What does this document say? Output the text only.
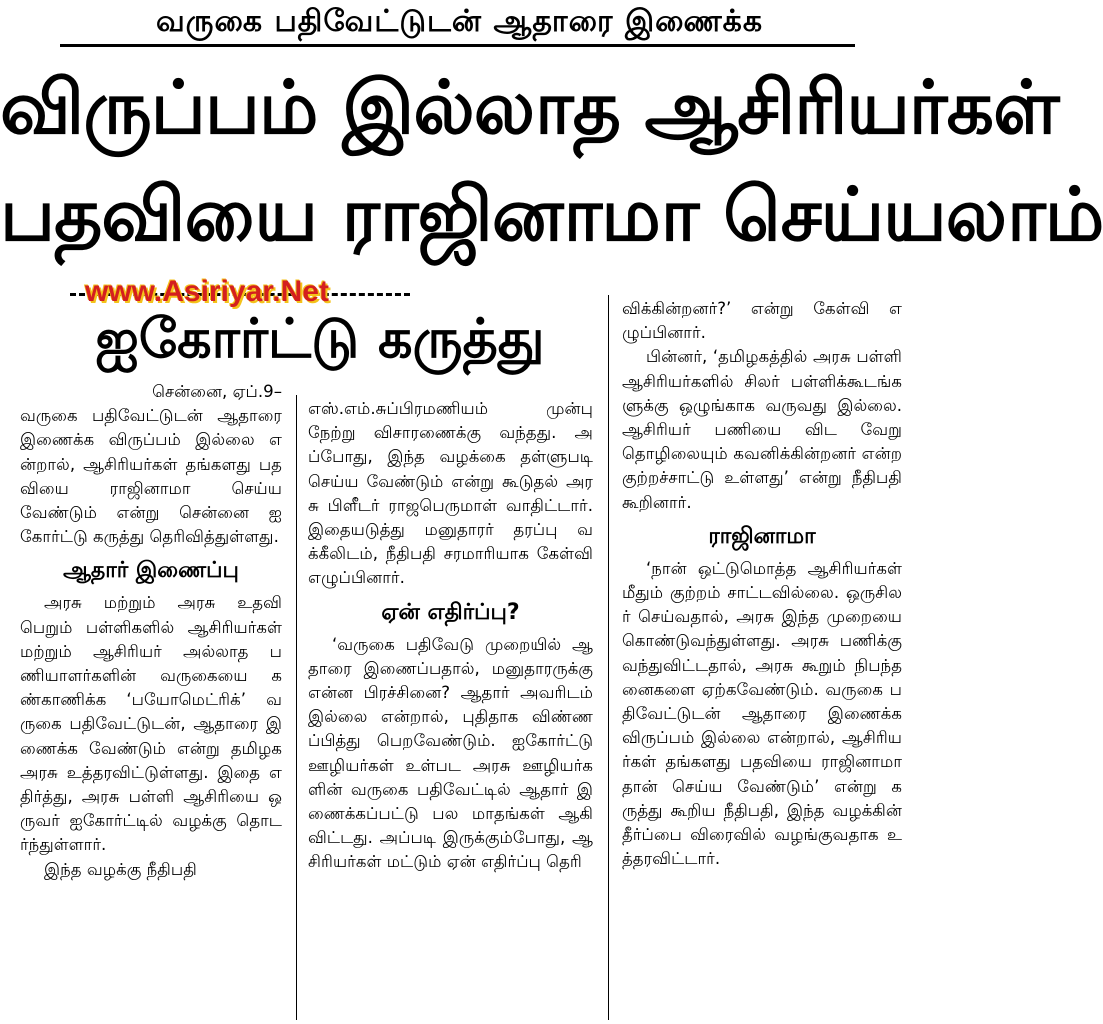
வருகை பதிவேட்டுடன் ஆதாரை இணைக்க
விருப்பம் இல்லாத ஆசிரியர்கள்
பதவியை ராஜினாமா செய்யலாம்
www.Asiriyar.Net
ஐகோர்ட்டு கருத்து

சென்னை, ஏப்.9–

வருகை பதிவேட்டுடன் ஆதாரை இணைக்க விருப்பம் இல்லை என்றால், ஆசிரியர்கள் தங்களது பதவியை ராஜினாமா செய்ய வேண்டும் என்று சென்னை ஐகோர்ட்டு கருத்து தெரிவித்துள்ளது.

ஆதார் இணைப்பு

அரசு மற்றும் அரசு உதவி பெறும் பள்ளிகளில் ஆசிரியர்கள் மற்றும் ஆசிரியர் அல்லாத பணியாளர்களின் வருகையை கண்காணிக்க ‘பயோமெட்ரிக்’ வருகை பதிவேட்டுடன், ஆதாரை இணைக்க வேண்டும் என்று தமிழக அரசு உத்தரவிட்டுள்ளது. இதை எதிர்த்து, அரசு பள்ளி ஆசிரியை ஒருவர் ஐகோர்ட்டில் வழக்கு தொடர்ந்துள்ளார்.

இந்த வழக்கு நீதிபதி

எஸ்.எம்.சுப்பிரமணியம் முன்பு நேற்று விசாரணைக்கு வந்தது. அப்போது, இந்த வழக்கை தள்ளுபடி செய்ய வேண்டும் என்று கூடுதல் அரசு பிளீடர் ராஜபெருமாள் வாதிட்டார். இதையடுத்து மனுதாரர் தரப்பு வக்கீலிடம், நீதிபதி சரமாரியாக கேள்வி எழுப்பினார்.

ஏன் எதிர்ப்பு?

‘வருகை பதிவேடு முறையில் ஆதாரை இணைப்பதால், மனுதாரருக்கு என்ன பிரச்சினை? ஆதார் அவரிடம் இல்லை என்றால், புதிதாக விண்ணப்பித்து பெறவேண்டும். ஐகோர்ட்டு ஊழியர்கள் உள்பட அரசு ஊழியர்களின் வருகை பதிவேட்டில் ஆதார் இணைக்கப்பட்டு பல மாதங்கள் ஆகி விட்டது. அப்படி இருக்கும்போது, ஆசிரியர்கள் மட்டும் ஏன் எதிர்ப்பு தெரி

விக்கின்றனர்?’ என்று கேள்வி எழுப்பினார்.

பின்னர், ‘தமிழகத்தில் அரசு பள்ளி ஆசிரியர்களில் சிலர் பள்ளிக்கூடங்களுக்கு ஒழுங்காக வருவது இல்லை. ஆசிரியர் பணியை விட வேறு தொழிலையும் கவனிக்கின்றனர் என்ற குற்றச்சாட்டு உள்ளது’ என்று நீதிபதி கூறினார்.

ராஜினாமா

‘நான் ஒட்டுமொத்த ஆசிரியர்கள் மீதும் குற்றம் சாட்டவில்லை. ஒருசிலர் செய்வதால், அரசு இந்த முறையை கொண்டுவந்துள்ளது. அரசு பணிக்கு வந்துவிட்டதால், அரசு கூறும் நிபந்தனைகளை ஏற்கவேண்டும். வருகை பதிவேட்டுடன் ஆதாரை இணைக்க விருப்பம் இல்லை என்றால், ஆசிரியர்கள் தங்களது பதவியை ராஜினாமா தான் செய்ய வேண்டும்’ என்று கருத்து கூறிய நீதிபதி, இந்த வழக்கின் தீர்ப்பை விரைவில் வழங்குவதாக உத்தரவிட்டார்.
